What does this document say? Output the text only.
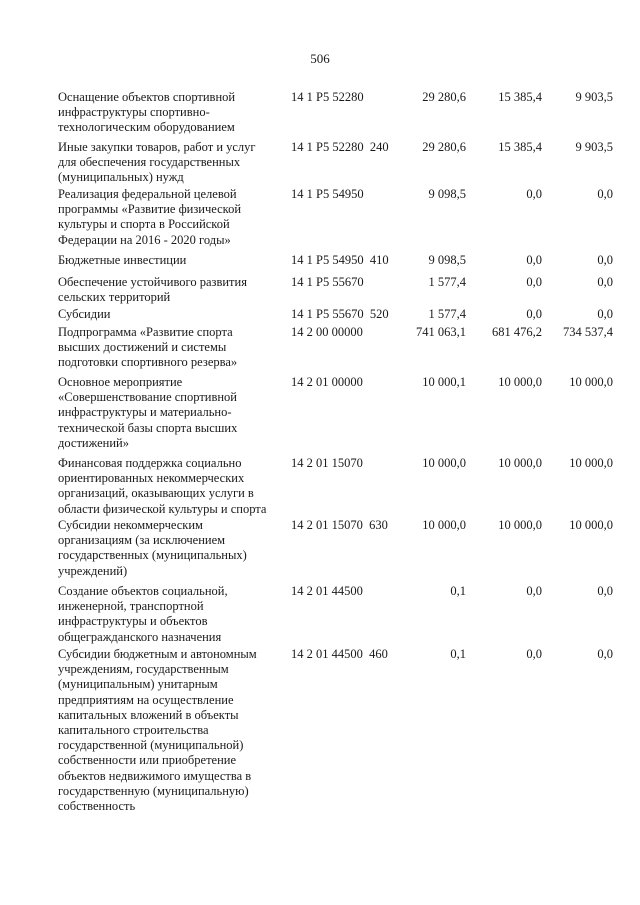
506
Оснащение объектов спортивной
инфраструктуры спортивно-
технологическим оборудованием
14 1 P5 52280	29 280,6	15 385,4	9 903,5
Иные закупки товаров, работ и услуг
для обеспечения государственных
(муниципальных) нужд
14 1 P5 52280  240	29 280,6	15 385,4	9 903,5
Реализация федеральной целевой
программы «Развитие физической
культуры и спорта в Российской
Федерации на 2016 - 2020 годы»
14 1 P5 54950	9 098,5	0,0	0,0
Бюджетные инвестиции	14 1 P5 54950  410	9 098,5	0,0	0,0
Обеспечение устойчивого развития
сельских территорий
14 1 P5 55670	1 577,4	0,0	0,0
Субсидии	14 1 P5 55670  520	1 577,4	0,0	0,0
Подпрограмма «Развитие спорта
высших достижений и системы
подготовки спортивного резерва»
14 2 00 00000	741 063,1	681 476,2	734 537,4
Основное мероприятие
«Совершенствование спортивной
инфраструктуры и материально-
технической базы спорта высших
достижений»
14 2 01 00000	10 000,1	10 000,0	10 000,0
Финансовая поддержка социально
ориентированных некоммерческих
организаций, оказывающих услуги в
области физической культуры и спорта
14 2 01 15070	10 000,0	10 000,0	10 000,0
Субсидии некоммерческим
организациям (за исключением
государственных (муниципальных)
учреждений)
14 2 01 15070  630	10 000,0	10 000,0	10 000,0
Создание объектов социальной,
инженерной, транспортной
инфраструктуры и объектов
общегражданского назначения
14 2 01 44500	0,1	0,0	0,0
Субсидии бюджетным и автономным
учреждениям, государственным
(муниципальным) унитарным
предприятиям на осуществление
капитальных вложений в объекты
капитального строительства
государственной (муниципальной)
собственности или приобретение
объектов недвижимого имущества в
государственную (муниципальную)
собственность
14 2 01 44500  460	0,1	0,0	0,0
